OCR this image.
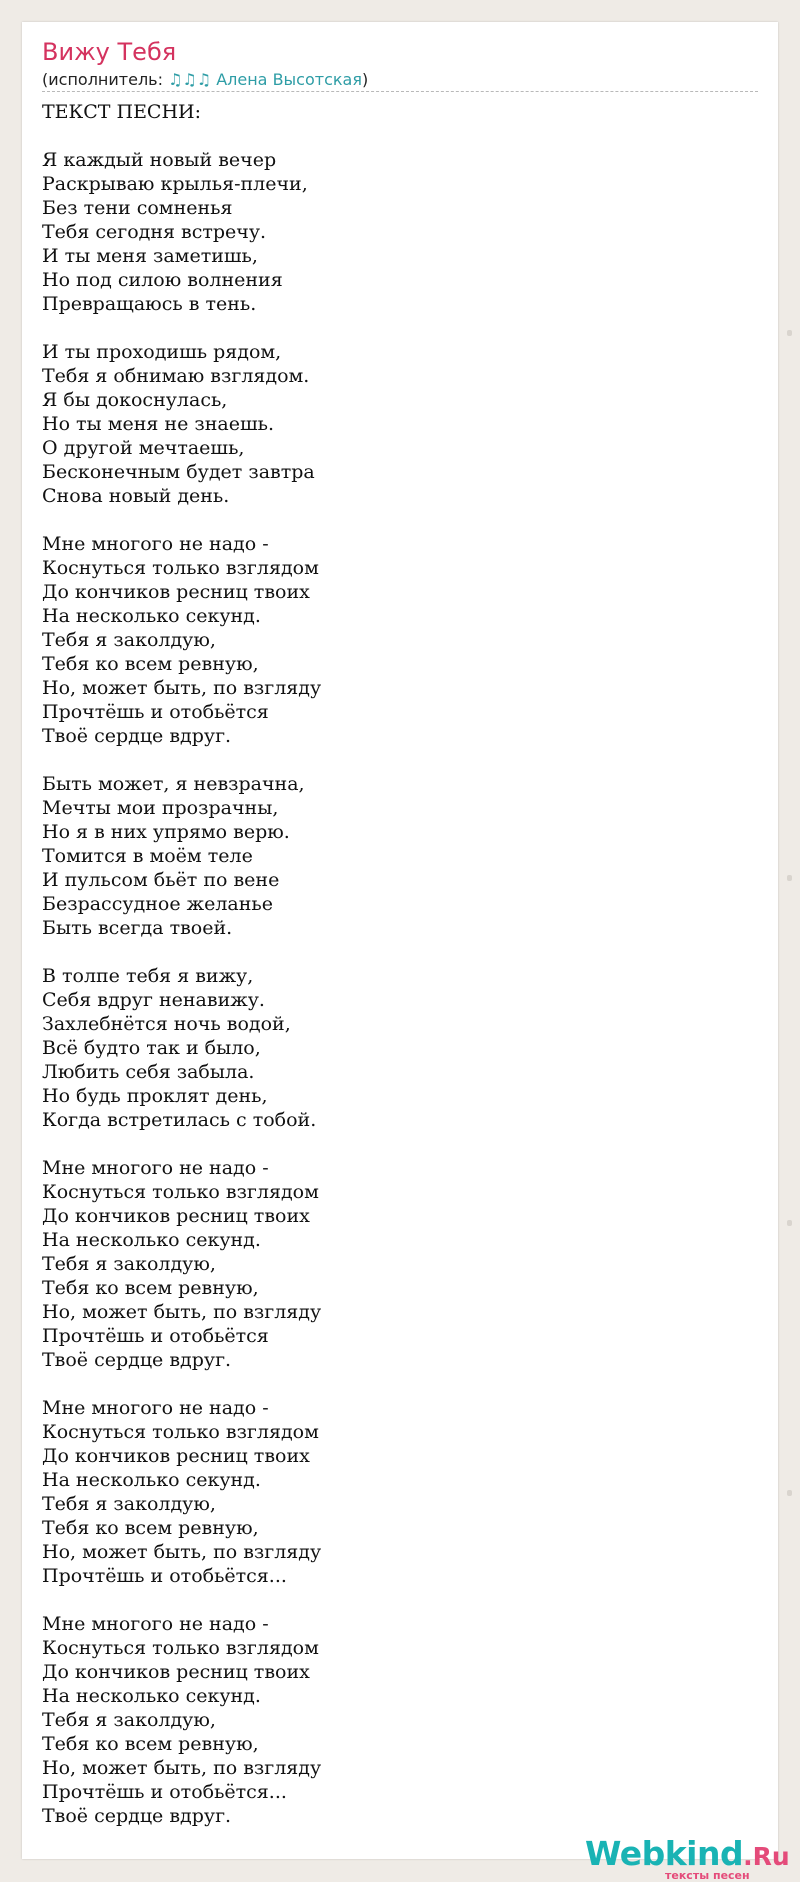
Вижу Тебя
(исполнитель: ♫♫♫ Алена Высотская)
ТЕКСТ ПЕСНИ:
Я каждый новый вечер
Раскрываю крылья-плечи,
Без тени сомненья
Тебя сегодня встречу.
И ты меня заметишь,
Но под силою волнения
Превращаюсь в тень.
И ты проходишь рядом,
Тебя я обнимаю взглядом.
Я бы докоснулась,
Но ты меня не знаешь.
О другой мечтаешь,
Бесконечным будет завтра
Снова новый день.
Мне многого не надо -
Коснуться только взглядом
До кончиков ресниц твоих
На несколько секунд.
Тебя я заколдую,
Тебя ко всем ревную,
Но, может быть, по взгляду
Прочтёшь и отобьётся
Твоё сердце вдруг.
Быть может, я невзрачна,
Мечты мои прозрачны,
Но я в них упрямо верю.
Томится в моём теле
И пульсом бьёт по вене
Безрассудное желанье
Быть всегда твоей.
В толпе тебя я вижу,
Себя вдруг ненавижу.
Захлебнётся ночь водой,
Всё будто так и было,
Любить себя забыла.
Но будь проклят день,
Когда встретилась с тобой.
Мне многого не надо -
Коснуться только взглядом
До кончиков ресниц твоих
На несколько секунд.
Тебя я заколдую,
Тебя ко всем ревную,
Но, может быть, по взгляду
Прочтёшь и отобьётся
Твоё сердце вдруг.
Мне многого не надо -
Коснуться только взглядом
До кончиков ресниц твоих
На несколько секунд.
Тебя я заколдую,
Тебя ко всем ревную,
Но, может быть, по взгляду
Прочтёшь и отобьётся...
Мне многого не надо -
Коснуться только взглядом
До кончиков ресниц твоих
На несколько секунд.
Тебя я заколдую,
Тебя ко всем ревную,
Но, может быть, по взгляду
Прочтёшь и отобьётся...
Твоё сердце вдруг.
Webkind.Ru
тексты песен
